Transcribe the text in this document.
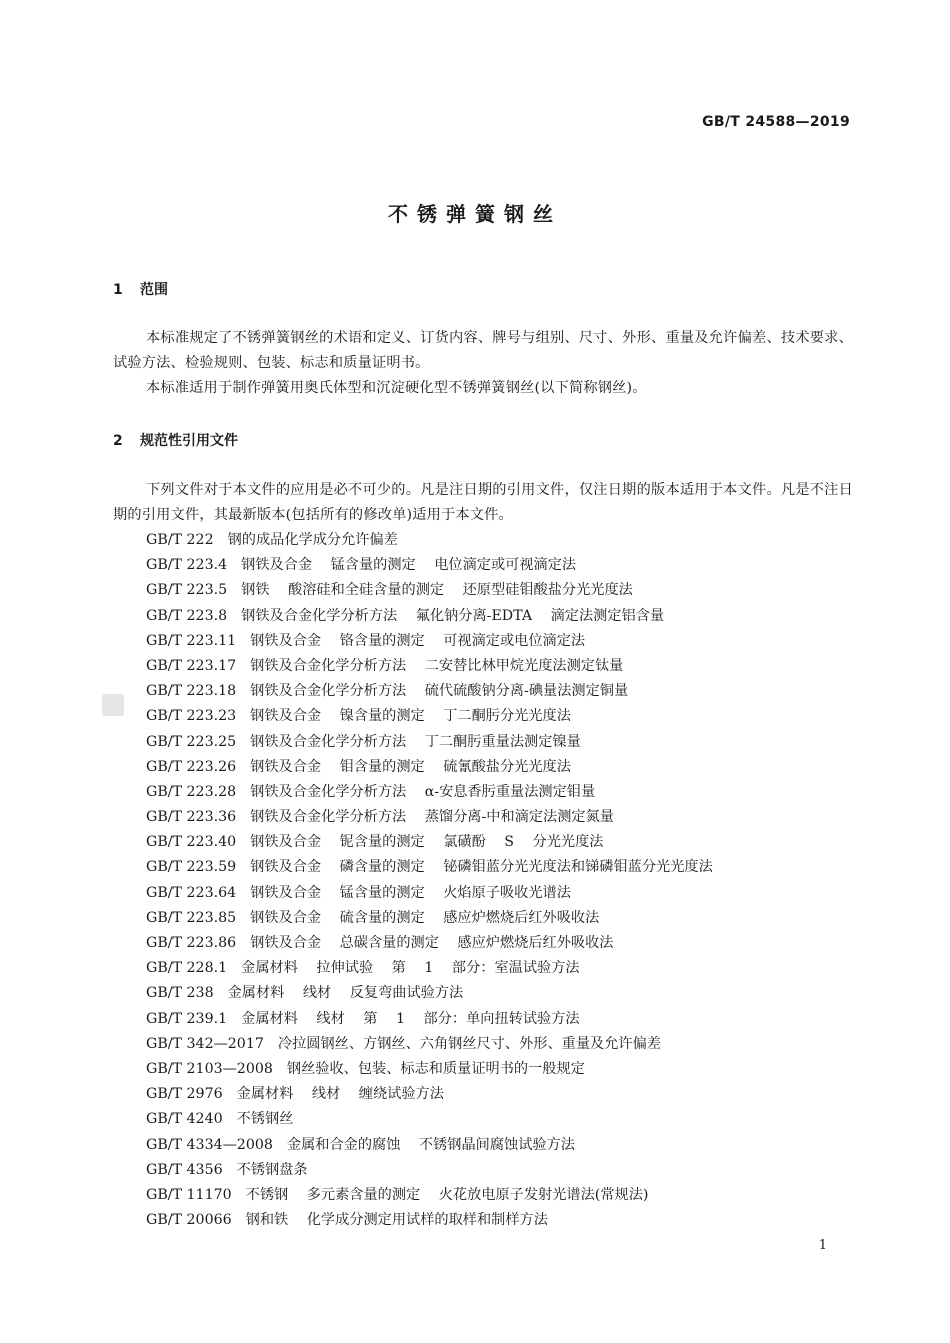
GB/T 24588—2019
不锈弹簧钢丝
1 范围
本标准规定了不锈弹簧钢丝的术语和定义、订货内容、牌号与组别、尺寸、外形、重量及允许偏差、技术要求、试验方法、检验规则、包装、标志和质量证明书。
本标准适用于制作弹簧用奥氏体型和沉淀硬化型不锈弹簧钢丝(以下简称钢丝)。
2 规范性引用文件
下列文件对于本文件的应用是必不可少的。凡是注日期的引用文件，仅注日期的版本适用于本文件。凡是不注日期的引用文件，其最新版本(包括所有的修改单)适用于本文件。
GB/T 222 钢的成品化学成分允许偏差
GB/T 223.4 钢铁及合金 锰含量的测定 电位滴定或可视滴定法
GB/T 223.5 钢铁 酸溶硅和全硅含量的测定 还原型硅钼酸盐分光光度法
GB/T 223.8 钢铁及合金化学分析方法 氟化钠分离-EDTA 滴定法测定铝含量
GB/T 223.11 钢铁及合金 铬含量的测定 可视滴定或电位滴定法
GB/T 223.17 钢铁及合金化学分析方法 二安替比林甲烷光度法测定钛量
GB/T 223.18 钢铁及合金化学分析方法 硫代硫酸钠分离-碘量法测定铜量
GB/T 223.23 钢铁及合金 镍含量的测定 丁二酮肟分光光度法
GB/T 223.25 钢铁及合金化学分析方法 丁二酮肟重量法测定镍量
GB/T 223.26 钢铁及合金 钼含量的测定 硫氰酸盐分光光度法
GB/T 223.28 钢铁及合金化学分析方法 α-安息香肟重量法测定钼量
GB/T 223.36 钢铁及合金化学分析方法 蒸馏分离-中和滴定法测定氮量
GB/T 223.40 钢铁及合金 铌含量的测定 氯磺酚 S 分光光度法
GB/T 223.59 钢铁及合金 磷含量的测定 铋磷钼蓝分光光度法和锑磷钼蓝分光光度法
GB/T 223.64 钢铁及合金 锰含量的测定 火焰原子吸收光谱法
GB/T 223.85 钢铁及合金 硫含量的测定 感应炉燃烧后红外吸收法
GB/T 223.86 钢铁及合金 总碳含量的测定 感应炉燃烧后红外吸收法
GB/T 228.1 金属材料 拉伸试验 第 1 部分：室温试验方法
GB/T 238 金属材料 线材 反复弯曲试验方法
GB/T 239.1 金属材料 线材 第 1 部分：单向扭转试验方法
GB/T 342—2017 冷拉圆钢丝、方钢丝、六角钢丝尺寸、外形、重量及允许偏差
GB/T 2103—2008 钢丝验收、包装、标志和质量证明书的一般规定
GB/T 2976 金属材料 线材 缠绕试验方法
GB/T 4240 不锈钢丝
GB/T 4334—2008 金属和合金的腐蚀 不锈钢晶间腐蚀试验方法
GB/T 4356 不锈钢盘条
GB/T 11170 不锈钢 多元素含量的测定 火花放电原子发射光谱法(常规法)
GB/T 20066 钢和铁 化学成分测定用试样的取样和制样方法
1
